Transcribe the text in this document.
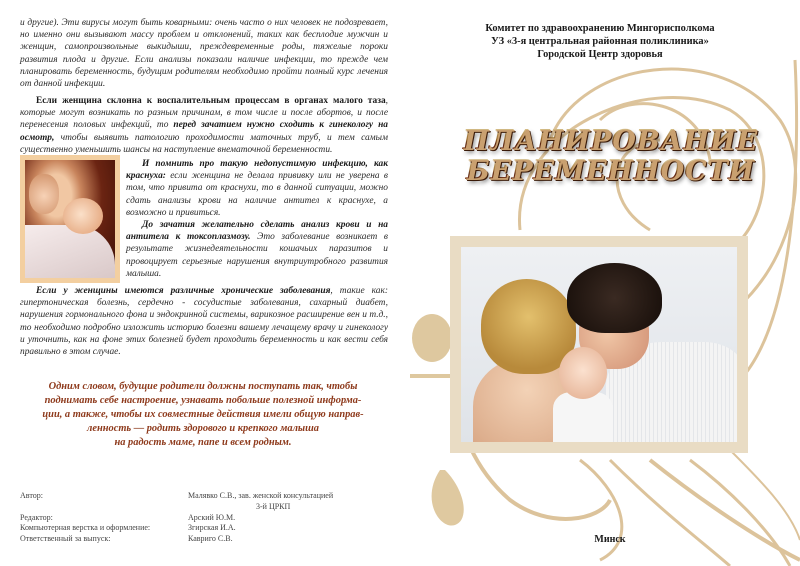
и другие). Эти вирусы могут быть коварными: очень часто о них человек не подозревает, но именно они вызывают массу проблем и отклонений, таких как бесплодие мужчин и женщин, самопроизвольные выкидыши, преждевременные роды, тяжелые пороки развития плода и другие. Если анализы показали наличие инфекции, то прежде чем планировать беременность, будущим родителям необходимо пройти полный курс лечения от данной инфекции.
Если женщина склонна к воспалительным процессам в органах малого таза, которые могут возникать по разным причинам, в том числе и после абортов, и после перенесения половых инфекций, то перед зачатием нужно сходить к гинекологу на осмотр, чтобы выявить патологию проходимости маточных труб, и тем самым существенно уменьшить шансы на наступление внематочной беременности.
И помнить про такую недопустимую инфекцию, как краснуха: если женщина не делала прививку или не уверена в том, что привита от краснухи, то в данной ситуации, можно сдать анализы крови на наличие антител к краснухе, а возможно и привиться.
До зачатия желательно сделать анализ крови и на антитела к токсоплазмозу. Это заболевание возникает в результате жизнедеятельности кошачьих паразитов и провоцирует серьезные нарушения внутриутробного развития малыша.
Если у женщины имеются различные хронические заболевания, такие как: гипертоническая болезнь, сердечно - сосудистые заболевания, сахарный диабет, нарушения гормонального фона и эндокринной системы, варикозное расширение вен и т.д., то необходимо подробно изложить историю болезни вашему лечащему врачу и гинекологу и уточнить, как на фоне этих болезней будет проходить беременность и как вести себя правильно в этом случае.
Одним словом, будущие родители должны поступать так, чтобы
поднимать себе настроение, узнавать побольше полезной информа-
ции, а также, чтобы их совместные действия имели общую направ-
ленность — родить здорового и крепкого малыша
на радость маме, папе и всем родным.
Автор:	Малявко С.В., зав. женской консультацией
3-й ЦРКП
Редактор:	Арский Ю.М.
Компьютерная верстка и оформление:	Згирская И.А.
Ответственный за выпуск:	Кавриго С.В.
Комитет по здравоохранению Мингорисполкома
УЗ «3-я центральная районная поликлиника»
Городской Центр здоровья
ПЛАНИРОВАНИЕ
БЕРЕМЕННОСТИ
Минск
